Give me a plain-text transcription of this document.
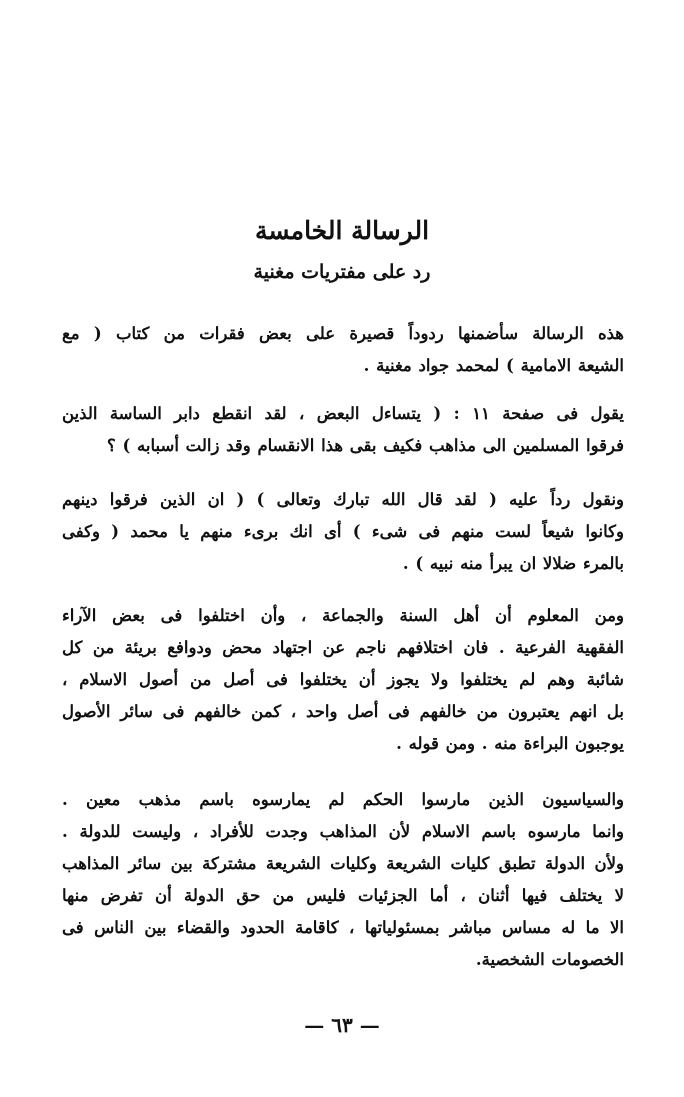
الرسالة الخامسة
رد على مفتريات مغنية

هذه الرسالة سأضمنها ردوداً قصيرة على بعض فقرات من كتاب ( مع
الشيعة الامامية ) لمحمد جواد مغنية .

يقول فى صفحة ١١ : ( يتساءل البعض ، لقد انقطع دابر الساسة الذين
فرقوا المسلمين الى مذاهب فكيف بقى هذا الانقسام وقد زالت أسبابه ) ؟

ونقول رداً عليه ( لقد قال الله تبارك وتعالى ) ( ان الذين فرقوا دينهم
وكانوا شيعاً لست منهم فى شىء ) أى انك برىء منهم يا محمد ( وكفى
بالمرء ضلالا ان يبرأ منه نبيه ) .

ومن المعلوم أن أهل السنة والجماعة ، وأن اختلفوا فى بعض الآراء
الفقهية الفرعية . فان اختلافهم ناجم عن اجتهاد محض ودوافع بريئة من كل
شائبة وهم لم يختلفوا ولا يجوز أن يختلفوا فى أصل من أصول الاسلام ،
بل انهم يعتبرون من خالفهم فى أصل واحد ، كمن خالفهم فى سائر الأصول
يوجبون البراءة منه . ومن قوله .

والسياسيون الذين مارسوا الحكم لم يمارسوه باسم مذهب معين .
وانما مارسوه باسم الاسلام لأن المذاهب وجدت للأفراد ، وليست للدولة .
ولأن الدولة تطبق كليات الشريعة وكليات الشريعة مشتركة بين سائر المذاهب
لا يختلف فيها أثنان ، أما الجزئيات فليس من حق الدولة أن تفرض منها
الا ما له مساس مباشر بمسئولياتها ، كاقامة الحدود والقضاء بين الناس فى
الخصومات الشخصية.

— ٦٣ —
